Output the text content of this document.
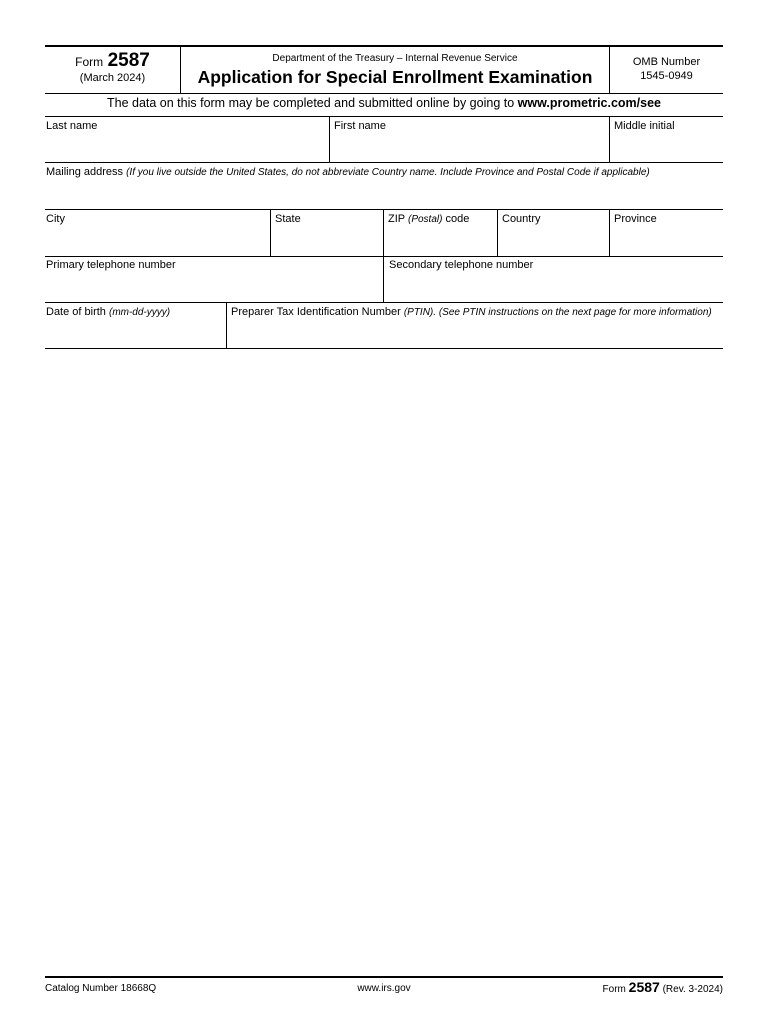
Form 2587
(March 2024)
Department of the Treasury – Internal Revenue Service
Application for Special Enrollment Examination
OMB Number
1545-0949
The data on this form may be completed and submitted online by going to www.prometric.com/see
Last name	First name	Middle initial
Mailing address (If you live outside the United States, do not abbreviate Country name. Include Province and Postal Code if applicable)
City	State	ZIP (Postal) code	Country	Province
Primary telephone number	Secondary telephone number
Date of birth (mm-dd-yyyy)	Preparer Tax Identification Number (PTIN). (See PTIN instructions on the next page for more information)
Catalog Number 18668Q	www.irs.gov	Form 2587 (Rev. 3-2024)
